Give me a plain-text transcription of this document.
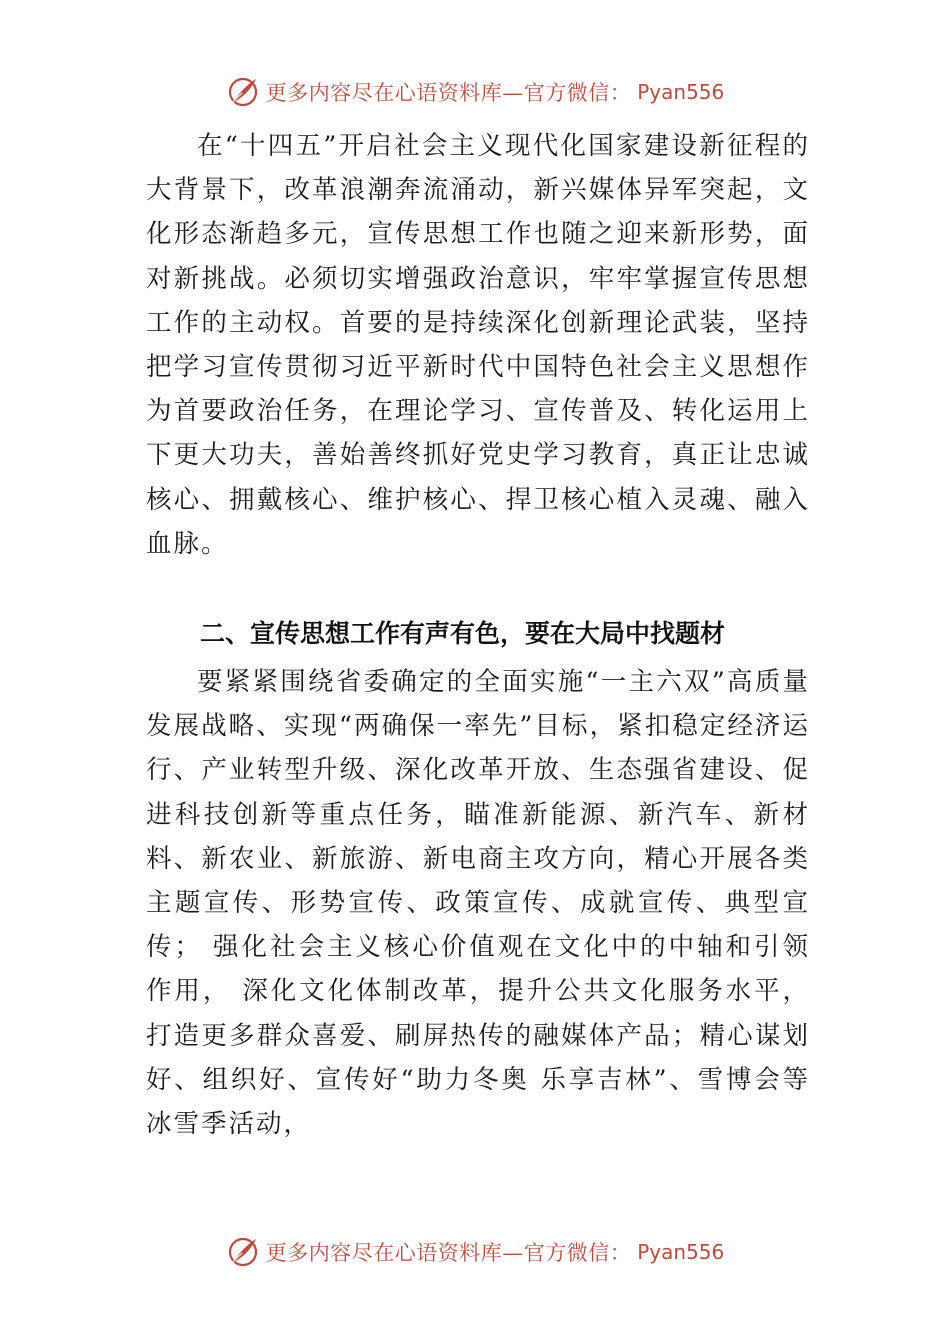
更多内容尽在心语资料库—官方微信： Pyan556

在“十四五”开启社会主义现代化国家建设新征程的大背景下，改革浪潮奔流涌动，新兴媒体异军突起，文化形态渐趋多元，宣传思想工作也随之迎来新形势，面对新挑战。必须切实增强政治意识，牢牢掌握宣传思想工作的主动权。首要的是持续深化创新理论武装，坚持把学习宣传贯彻习近平新时代中国特色社会主义思想作为首要政治任务，在理论学习、宣传普及、转化运用上下更大功夫，善始善终抓好党史学习教育，真正让忠诚核心、拥戴核心、维护核心、捍卫核心植入灵魂、融入血脉。

二、宣传思想工作有声有色，要在大局中找题材

要紧紧围绕省委确定的全面实施“一主六双”高质量发展战略、实现“两确保一率先”目标，紧扣稳定经济运行、产业转型升级、深化改革开放、生态强省建设、促进科技创新等重点任务，瞄准新能源、新汽车、新材料、新农业、新旅游、新电商主攻方向，精心开展各类主题宣传、形势宣传、政策宣传、成就宣传、典型宣传； 强化社会主义核心价值观在文化中的中轴和引领作用， 深化文化体制改革，提升公共文化服务水平，打造更多群众喜爱、刷屏热传的融媒体产品；精心谋划好、组织好、宣传好“助力冬奥 乐享吉林”、雪博会等冰雪季活动，

更多内容尽在心语资料库—官方微信： Pyan556
